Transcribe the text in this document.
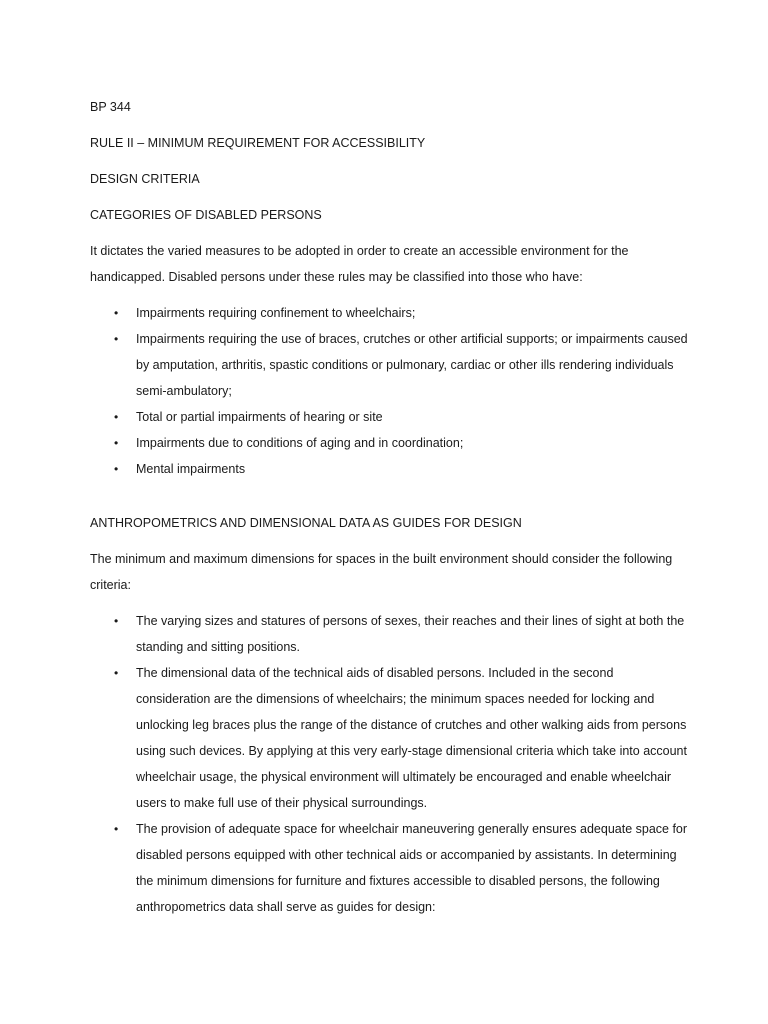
BP 344

RULE II – MINIMUM REQUIREMENT FOR ACCESSIBILITY

DESIGN CRITERIA

CATEGORIES OF DISABLED PERSONS

It dictates the varied measures to be adopted in order to create an accessible environment for the handicapped. Disabled persons under these rules may be classified into those who have:

• Impairments requiring confinement to wheelchairs;
• Impairments requiring the use of braces, crutches or other artificial supports; or impairments caused by amputation, arthritis, spastic conditions or pulmonary, cardiac or other ills rendering individuals semi-ambulatory;
• Total or partial impairments of hearing or site
• Impairments due to conditions of aging and in coordination;
• Mental impairments

ANTHROPOMETRICS AND DIMENSIONAL DATA AS GUIDES FOR DESIGN

The minimum and maximum dimensions for spaces in the built environment should consider the following criteria:

• The varying sizes and statures of persons of sexes, their reaches and their lines of sight at both the standing and sitting positions.
• The dimensional data of the technical aids of disabled persons. Included in the second consideration are the dimensions of wheelchairs; the minimum spaces needed for locking and unlocking leg braces plus the range of the distance of crutches and other walking aids from persons using such devices. By applying at this very early-stage dimensional criteria which take into account wheelchair usage, the physical environment will ultimately be encouraged and enable wheelchair users to make full use of their physical surroundings.
• The provision of adequate space for wheelchair maneuvering generally ensures adequate space for disabled persons equipped with other technical aids or accompanied by assistants. In determining the minimum dimensions for furniture and fixtures accessible to disabled persons, the following anthropometrics data shall serve as guides for design:
